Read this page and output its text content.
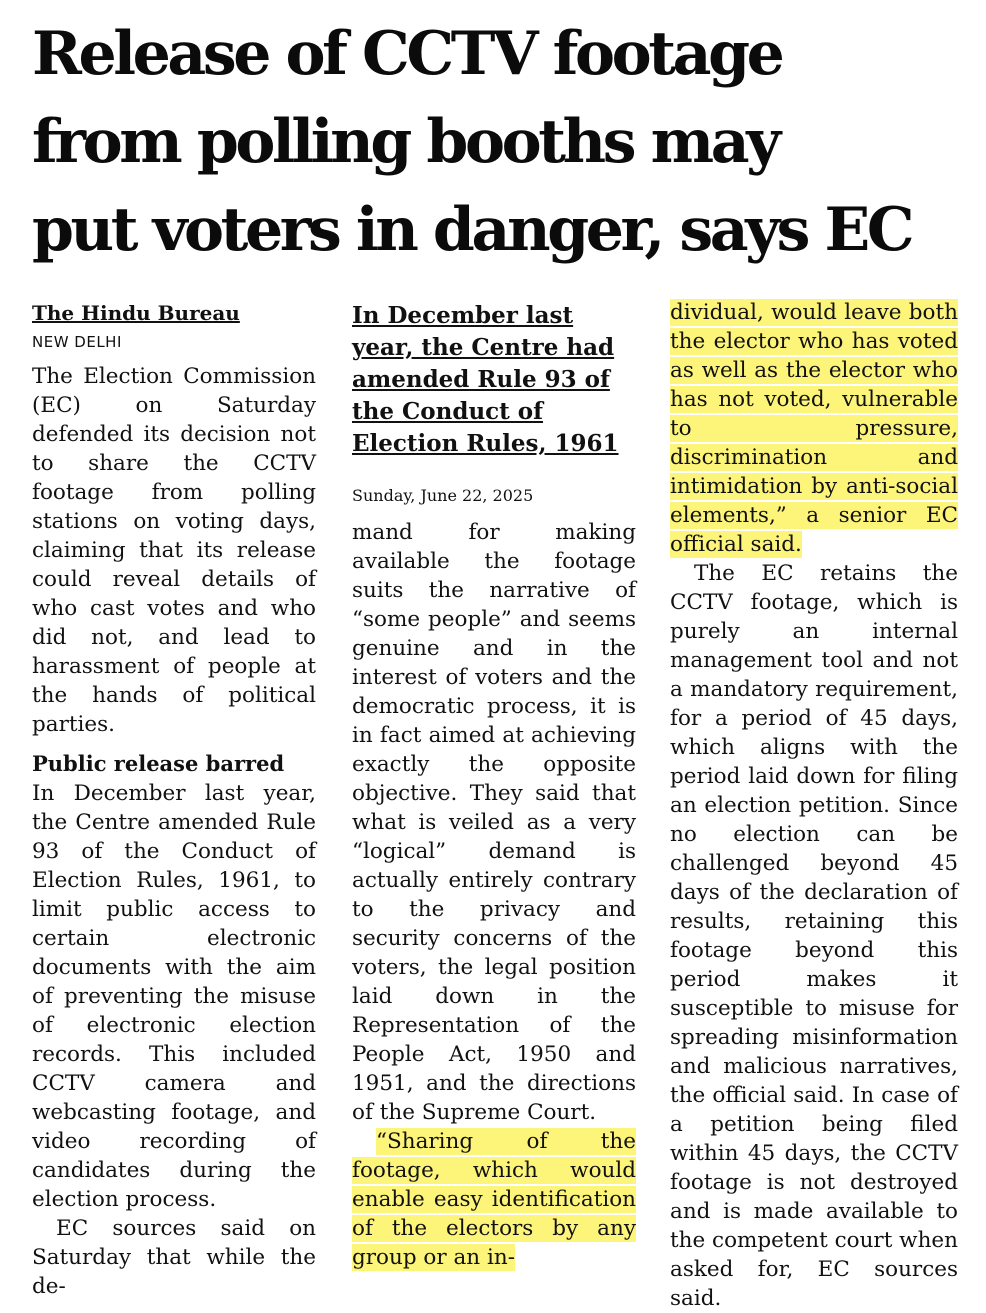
Release of CCTV footage
from polling booths may
put voters in danger, says EC
The Hindu Bureau
NEW DELHI

The Election Commission (EC) on Saturday defended its decision not to share the CCTV footage from polling stations on voting days, claiming that its release could reveal details of who cast votes and who did not, and lead to harassment of people at the hands of political parties.

Public release barred

In December last year, the Centre amended Rule 93 of the Conduct of Election Rules, 1961, to limit public access to certain electronic documents with the aim of preventing the misuse of electronic election records. This included CCTV camera and webcasting footage, and video recording of candidates during the election process.

EC sources said on Saturday that while the de-

In December last year, the Centre had amended Rule 93 of the Conduct of Election Rules, 1961
Sunday, June 22, 2025

mand for making available the footage suits the narrative of “some people” and seems genuine and in the interest of voters and the democratic process, it is in fact aimed at achieving exactly the opposite objective. They said that what is veiled as a very “logical” demand is actually entirely contrary to the privacy and security concerns of the voters, the legal position laid down in the Representation of the People Act, 1950 and 1951, and the directions of the Supreme Court.

“Sharing of the footage, which would enable easy identification of the electors by any group or an in-

dividual, would leave both the elector who has voted as well as the elector who has not voted, vulnerable to pressure, discrimination and intimidation by anti-social elements,” a senior EC official said.

The EC retains the CCTV footage, which is purely an internal management tool and not a mandatory requirement, for a period of 45 days, which aligns with the period laid down for filing an election petition. Since no election can be challenged beyond 45 days of the declaration of results, retaining this footage beyond this period makes it susceptible to misuse for spreading misinformation and malicious narratives, the official said. In case of a petition being filed within 45 days, the CCTV footage is not destroyed and is made available to the competent court when asked for, EC sources said.
